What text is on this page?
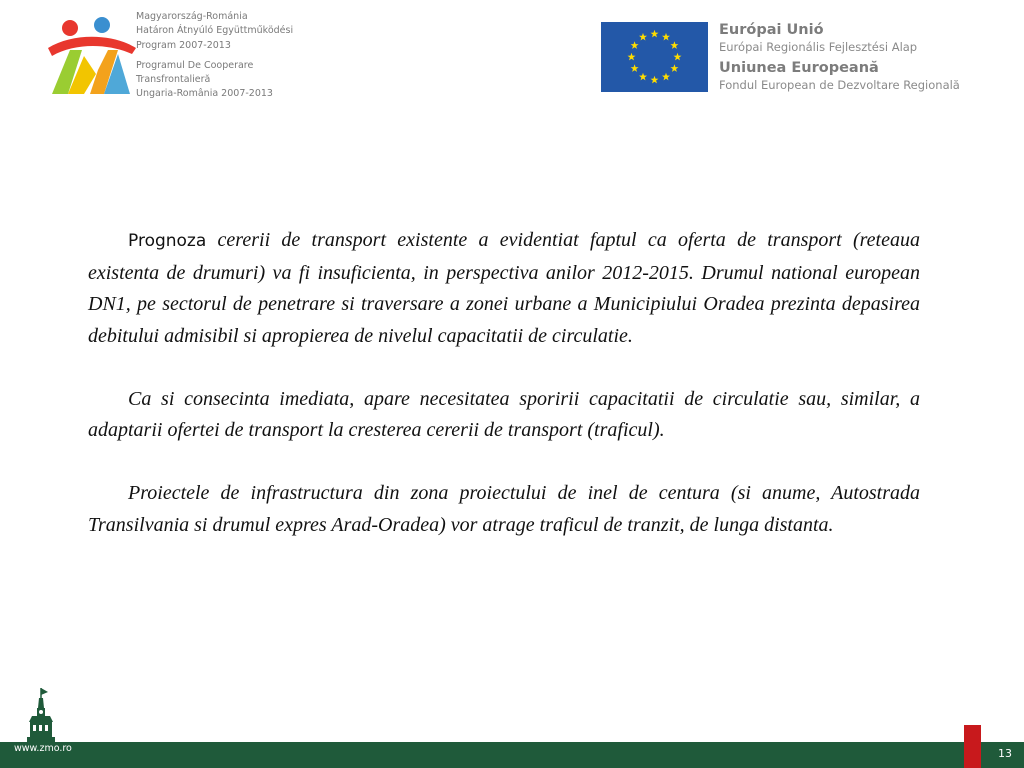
Magyarország-Románia
Határon Átnyúló Együttműködési
Program 2007-2013
Programul De Cooperare
Transfrontalieră
Ungaria-România 2007-2013
Európai Unió
Európai Regionális Fejlesztési Alap
Uniunea Europeană
Fondul European de Dezvoltare Regională

Prognoza cererii de transport existente a evidentiat faptul ca oferta de transport (reteaua existenta de drumuri) va fi insuficienta, in perspectiva anilor 2012-2015. Drumul national european DN1, pe sectorul de penetrare si traversare a zonei urbane a Municipiului Oradea prezinta depasirea debitului admisibil si apropierea de nivelul capacitatii de circulatie.

Ca si consecinta imediata, apare necesitatea sporirii capacitatii de circulatie sau, similar, a adaptarii ofertei de transport la cresterea cererii de transport (traficul).

Proiectele de infrastructura din zona proiectului de inel de centura (si anume, Autostrada Transilvania si drumul expres Arad-Oradea) vor atrage traficul de tranzit, de lunga distanta.

www.zmo.ro	13
